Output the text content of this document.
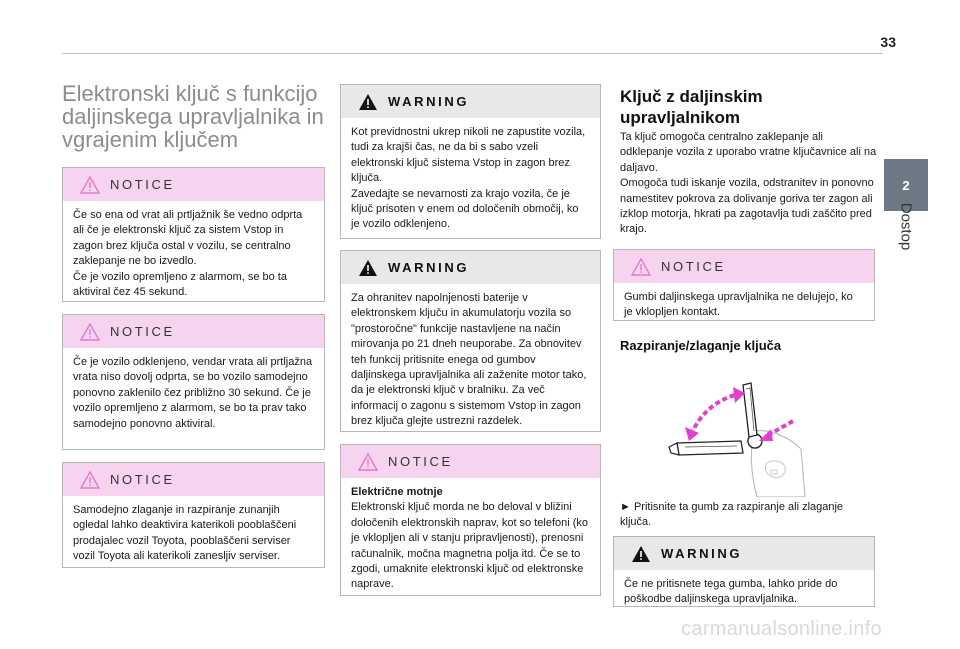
33
2
Dostop
Elektronski ključ s funkcijo daljinskega upravljalnika in vgrajenim ključem
NOTICE

Če so ena od vrat ali prtljažnik še vedno odprta ali če je elektronski ključ za sistem Vstop in zagon brez ključa ostal v vozilu, se centralno zaklepanje ne bo izvedlo.

Če je vozilo opremljeno z alarmom, se bo ta aktiviral čez 45 sekund.

NOTICE

Če je vozilo odklenjeno, vendar vrata ali prtljažna vrata niso dovolj odprta, se bo vozilo samodejno ponovno zaklenilo čez približno 30 sekund. Če je vozilo opremljeno z alarmom, se bo ta prav tako samodejno ponovno aktiviral.

NOTICE

Samodejno zlaganje in razpiranje zunanjih ogledal lahko deaktivira katerikoli pooblaščeni prodajalec vozil Toyota, pooblaščeni serviser vozil Toyota ali katerikoli zanesljiv serviser.

WARNING

Kot previdnostni ukrep nikoli ne zapustite vozila, tudi za krajši čas, ne da bi s sabo vzeli elektronski ključ sistema Vstop in zagon brez ključa.

Zavedajte se nevarnosti za krajo vozila, če je ključ prisoten v enem od določenih območij, ko je vozilo odklenjeno.

WARNING

Za ohranitev napolnjenosti baterije v elektronskem ključu in akumulatorju vozila so "prostoročne" funkcije nastavljene na način mirovanja po 21 dneh neuporabe. Za obnovitev teh funkcij pritisnite enega od gumbov daljinskega upravljalnika ali zaženite motor tako, da je elektronski ključ v bralniku. Za več informacij o zagonu s sistemom Vstop in zagon brez ključa glejte ustrezni razdelek.

NOTICE

Električne motnje

Elektronski ključ morda ne bo deloval v bližini določenih elektronskih naprav, kot so telefoni (ko je vklopljen ali v stanju pripravljenosti), prenosni računalnik, močna magnetna polja itd. Če se to zgodi, umaknite elektronski ključ od elektronske naprave.

Ključ z daljinskim upravljalnikom

Ta ključ omogoča centralno zaklepanje ali odklepanje vozila z uporabo vratne ključavnice ali na daljavo.

Omogoča tudi iskanje vozila, odstranitev in ponovno namestitev pokrova za dolivanje goriva ter zagon ali izklop motorja, hkrati pa zagotavlja tudi zaščito pred krajo.

NOTICE

Gumbi daljinskega upravljalnika ne delujejo, ko je vklopljen kontakt.

Razpiranje/zlaganje ključa
► Pritisnite ta gumb za razpiranje ali zlaganje ključa.
WARNING

Če ne pritisnete tega gumba, lahko pride do poškodbe daljinskega upravljalnika.

carmanualsonline.info
